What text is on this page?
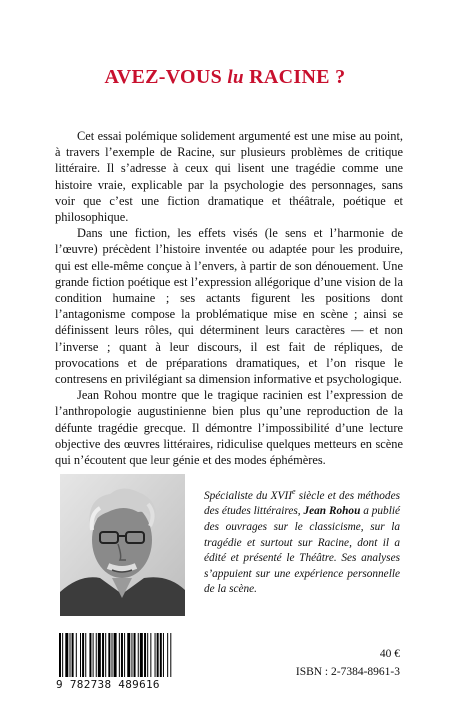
AVEZ-VOUS lu RACINE ?

Cet essai polémique solidement argumenté est une mise au point, à travers l’exemple de Racine, sur plusieurs problèmes de critique littéraire. Il s’adresse à ceux qui lisent une tragédie comme une histoire vraie, explicable par la psychologie des personnages, sans voir que c’est une fiction dramatique et théâtrale, poétique et philosophique.

Dans une fiction, les effets visés (le sens et l’harmonie de l’œuvre) précèdent l’histoire inventée ou adaptée pour les produire, qui est elle-même conçue à l’envers, à partir de son dénouement. Une grande fiction poétique est l’expression allégorique d’une vision de la condition humaine ; ses actants figurent les positions dont l’antagonisme compose la problématique mise en scène ; ainsi se définissent leurs rôles, qui déterminent leurs caractères — et non l’inverse ; quant à leur discours, il est fait de répliques, de provocations et de préparations dramatiques, et l’on risque le contresens en privilégiant sa dimension informative et psychologique.

Jean Rohou montre que le tragique racinien est l’expression de l’anthropologie augustinienne bien plus qu’une reproduction de la défunte tragédie grecque. Il démontre l’impossibilité d’une lecture objective des œuvres littéraires, ridiculise quelques metteurs en scène qui n’écoutent que leur génie et des modes éphémères.

Spécialiste du XVIIe siècle et des méthodes des études littéraires, Jean Rohou a publié des ouvrages sur le classicisme, sur la tragédie et surtout sur Racine, dont il a édité et présenté le Théâtre. Ses analyses s’appuient sur une expérience personnelle de la scène.

9 782738 489616
40 €
ISBN : 2-7384-8961-3
